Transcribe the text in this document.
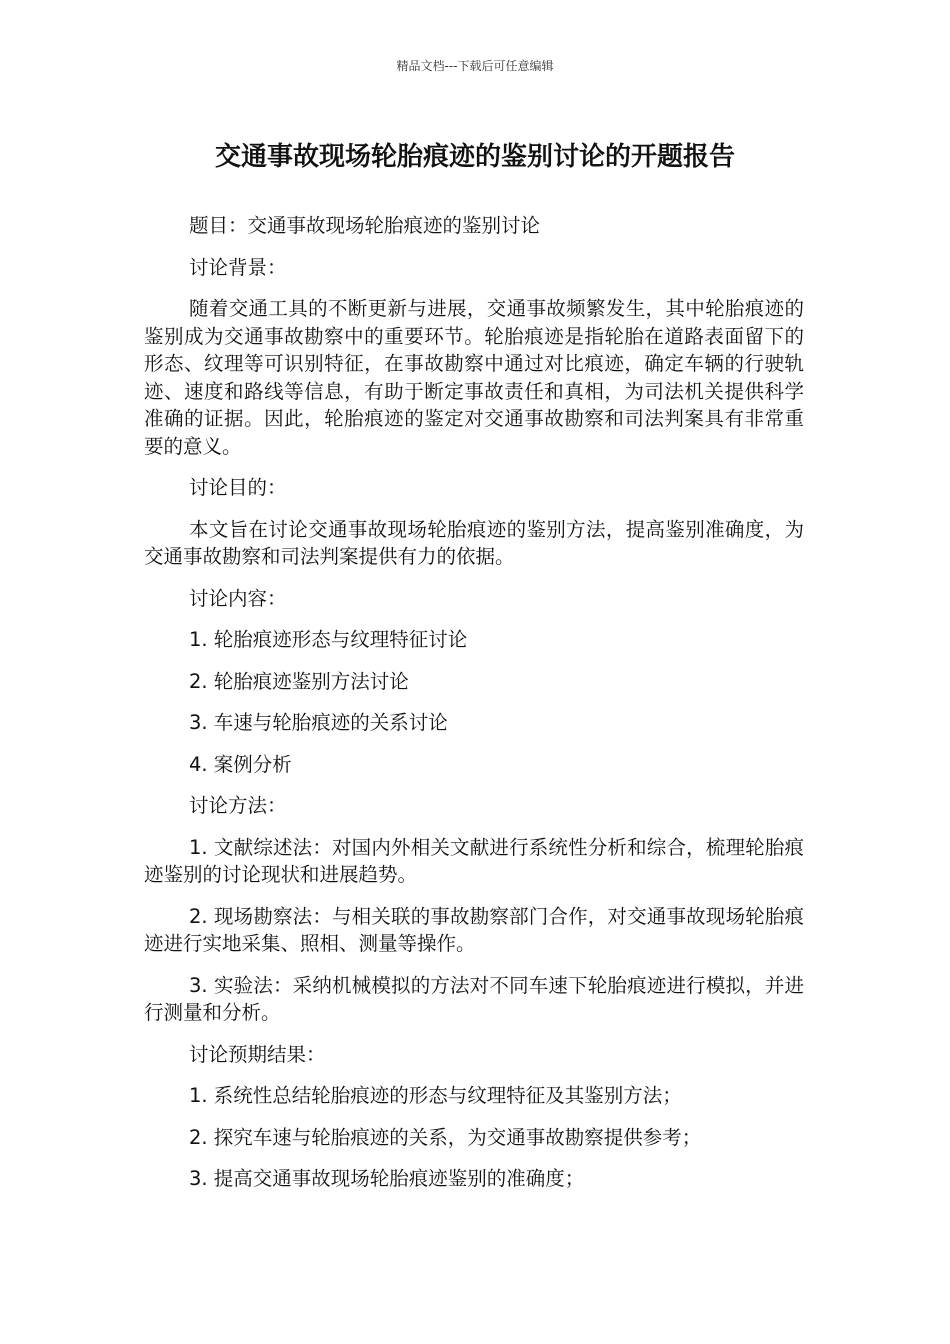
精品文档---下载后可任意编辑
交通事故现场轮胎痕迹的鉴别讨论的开题报告

题目：交通事故现场轮胎痕迹的鉴别讨论

讨论背景：

随着交通工具的不断更新与进展，交通事故频繁发生，其中轮胎痕迹的鉴别成为交通事故勘察中的重要环节。轮胎痕迹是指轮胎在道路表面留下的形态、纹理等可识别特征，在事故勘察中通过对比痕迹，确定车辆的行驶轨迹、速度和路线等信息，有助于断定事故责任和真相，为司法机关提供科学准确的证据。因此，轮胎痕迹的鉴定对交通事故勘察和司法判案具有非常重要的意义。

讨论目的：

本文旨在讨论交通事故现场轮胎痕迹的鉴别方法，提高鉴别准确度，为交通事故勘察和司法判案提供有力的依据。

讨论内容：

1. 轮胎痕迹形态与纹理特征讨论

2. 轮胎痕迹鉴别方法讨论

3. 车速与轮胎痕迹的关系讨论

4. 案例分析

讨论方法：

1. 文献综述法：对国内外相关文献进行系统性分析和综合，梳理轮胎痕迹鉴别的讨论现状和进展趋势。

2. 现场勘察法：与相关联的事故勘察部门合作，对交通事故现场轮胎痕迹进行实地采集、照相、测量等操作。

3. 实验法：采纳机械模拟的方法对不同车速下轮胎痕迹进行模拟，并进行测量和分析。

讨论预期结果：

1. 系统性总结轮胎痕迹的形态与纹理特征及其鉴别方法；

2. 探究车速与轮胎痕迹的关系，为交通事故勘察提供参考；

3. 提高交通事故现场轮胎痕迹鉴别的准确度；
